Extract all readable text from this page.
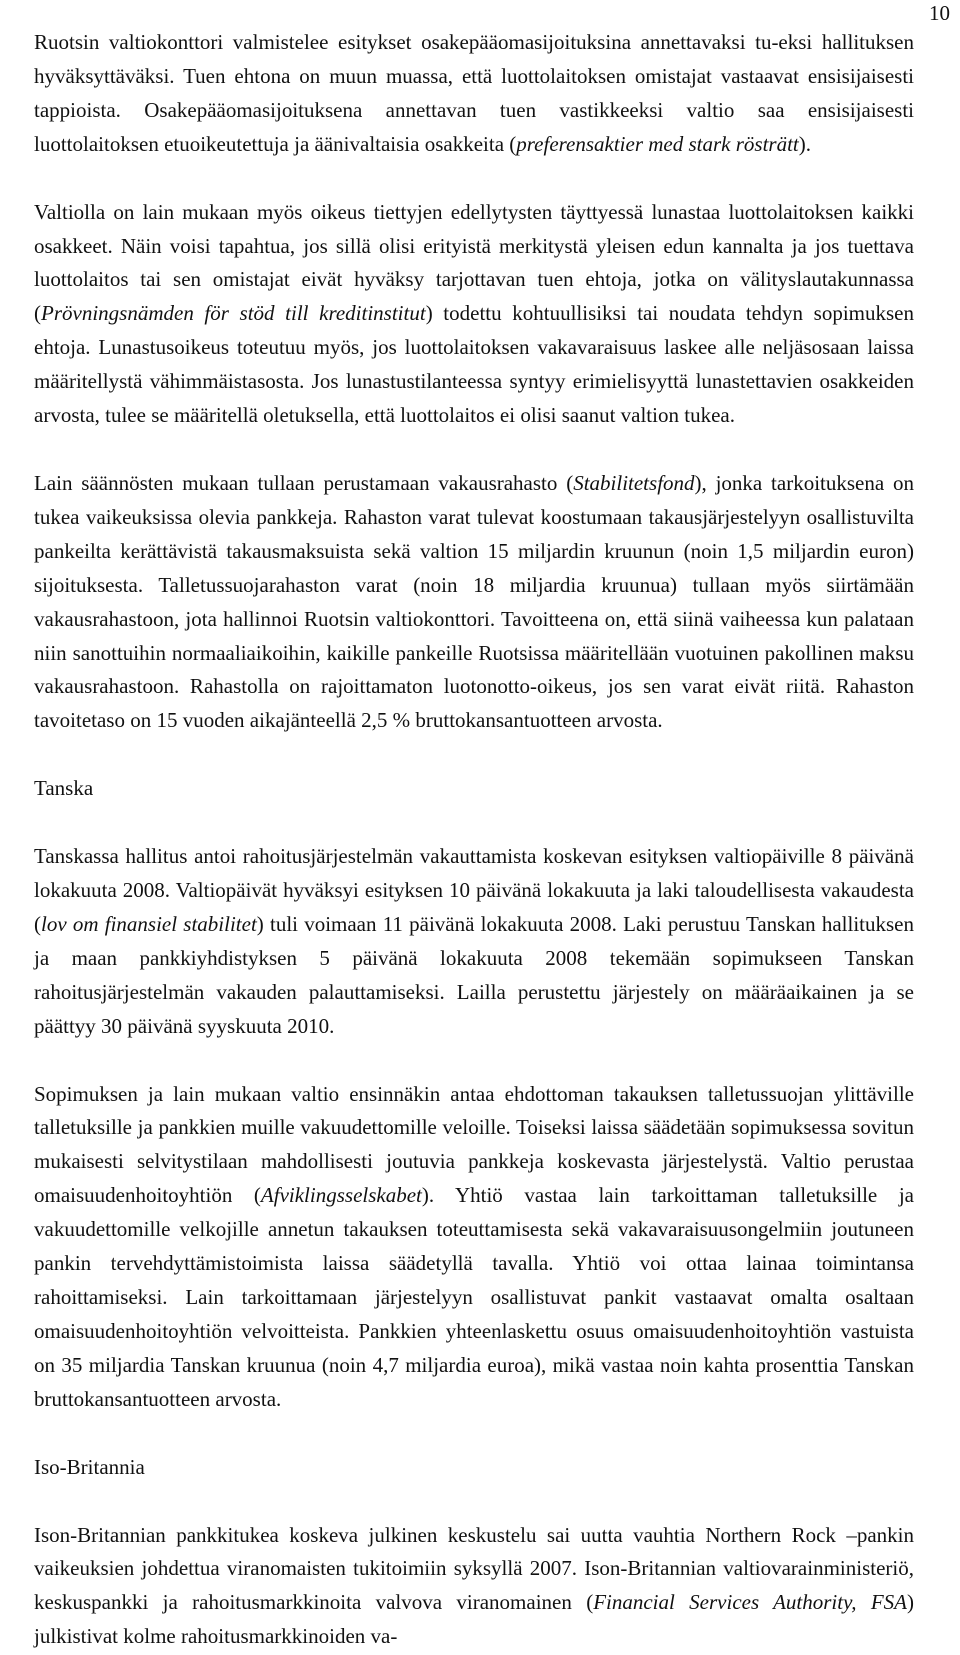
10
Ruotsin valtiokonttori valmistelee esitykset osakepääomasijoituksina annettavaksi tu-eksi hallituksen hyväksyttäväksi. Tuen ehtona on muun muassa, että luottolaitoksen omistajat vastaavat ensisijaisesti tappioista. Osakepääomasijoituksena annettavan tuen vastikkeeksi valtio saa ensisijaisesti luottolaitoksen etuoikeutettuja ja äänivaltaisia osakkeita (preferensaktier med stark rösträtt).
Valtiolla on lain mukaan myös oikeus tiettyjen edellytysten täyttyessä lunastaa luottolaitoksen kaikki osakkeet. Näin voisi tapahtua, jos sillä olisi erityistä merkitystä yleisen edun kannalta ja jos tuettava luottolaitos tai sen omistajat eivät hyväksy tarjottavan tuen ehtoja, jotka on välityslautakunnassa (Prövningsnämden för stöd till kreditinstitut) todettu kohtuullisiksi tai noudata tehdyn sopimuksen ehtoja. Lunastusoikeus toteutuu myös, jos luottolaitoksen vakavaraisuus laskee alle neljäsosaan laissa määritellystä vähimmäistasosta. Jos lunastustilanteessa syntyy erimielisyyttä lunastettavien osakkeiden arvosta, tulee se määritellä oletuksella, että luottolaitos ei olisi saanut valtion tukea.
Lain säännösten mukaan tullaan perustamaan vakausrahasto (Stabilitetsfond), jonka tarkoituksena on tukea vaikeuksissa olevia pankkeja. Rahaston varat tulevat koostumaan takausjärjestelyyn osallistuvilta pankeilta kerättävistä takausmaksuista sekä valtion 15 miljardin kruunun (noin 1,5 miljardin euron) sijoituksesta. Talletussuojarahaston varat (noin 18 miljardia kruunua) tullaan myös siirtämään vakausrahastoon, jota hallinnoi Ruotsin valtiokonttori. Tavoitteena on, että siinä vaiheessa kun palataan niin sanottuihin normaaliaikoihin, kaikille pankeille Ruotsissa määritellään vuotuinen pakollinen maksu vakausrahastoon. Rahastolla on rajoittamaton luotonotto-oikeus, jos sen varat eivät riitä. Rahaston tavoitetaso on 15 vuoden aikajänteellä 2,5 % bruttokansantuotteen arvosta.
Tanska
Tanskassa hallitus antoi rahoitusjärjestelmän vakauttamista koskevan esityksen valtiopäiville 8 päivänä lokakuuta 2008. Valtiopäivät hyväksyi esityksen 10 päivänä lokakuuta ja laki taloudellisesta vakaudesta (lov om finansiel stabilitet) tuli voimaan 11 päivänä lokakuuta 2008. Laki perustuu Tanskan hallituksen ja maan pankkiyhdistyksen 5 päivänä lokakuuta 2008 tekemään sopimukseen Tanskan rahoitusjärjestelmän vakauden palauttamiseksi. Lailla perustettu järjestely on määräaikainen ja se päättyy 30 päivänä syyskuuta 2010.
Sopimuksen ja lain mukaan valtio ensinnäkin antaa ehdottoman takauksen talletussuojan ylittäville talletuksille ja pankkien muille vakuudettomille veloille. Toiseksi laissa säädetään sopimuksessa sovitun mukaisesti selvitystilaan mahdollisesti joutuvia pankkeja koskevasta järjestelystä. Valtio perustaa omaisuudenhoitoyhtiön (Afviklingsselskabet). Yhtiö vastaa lain tarkoittaman talletuksille ja vakuudettomille velkojille annetun takauksen toteuttamisesta sekä vakavaraisuusongelmiin joutuneen pankin tervehdyttämistoimista laissa säädetyllä tavalla. Yhtiö voi ottaa lainaa toimintansa rahoittamiseksi. Lain tarkoittamaan järjestelyyn osallistuvat pankit vastaavat omalta osaltaan omaisuudenhoitoyhtiön velvoitteista. Pankkien yhteenlaskettu osuus omaisuudenhoitoyhtiön vastuista on 35 miljardia Tanskan kruunua (noin 4,7 miljardia euroa), mikä vastaa noin kahta prosenttia Tanskan bruttokansantuotteen arvosta.
Iso-Britannia
Ison-Britannian pankkitukea koskeva julkinen keskustelu sai uutta vauhtia Northern Rock –pankin vaikeuksien johdettua viranomaisten tukitoimiin syksyllä 2007. Ison-Britannian valtiovarainministeriö, keskuspankki ja rahoitusmarkkinoita valvova viranomainen (Financial Services Authority, FSA) julkistivat kolme rahoitusmarkkinoiden va-
